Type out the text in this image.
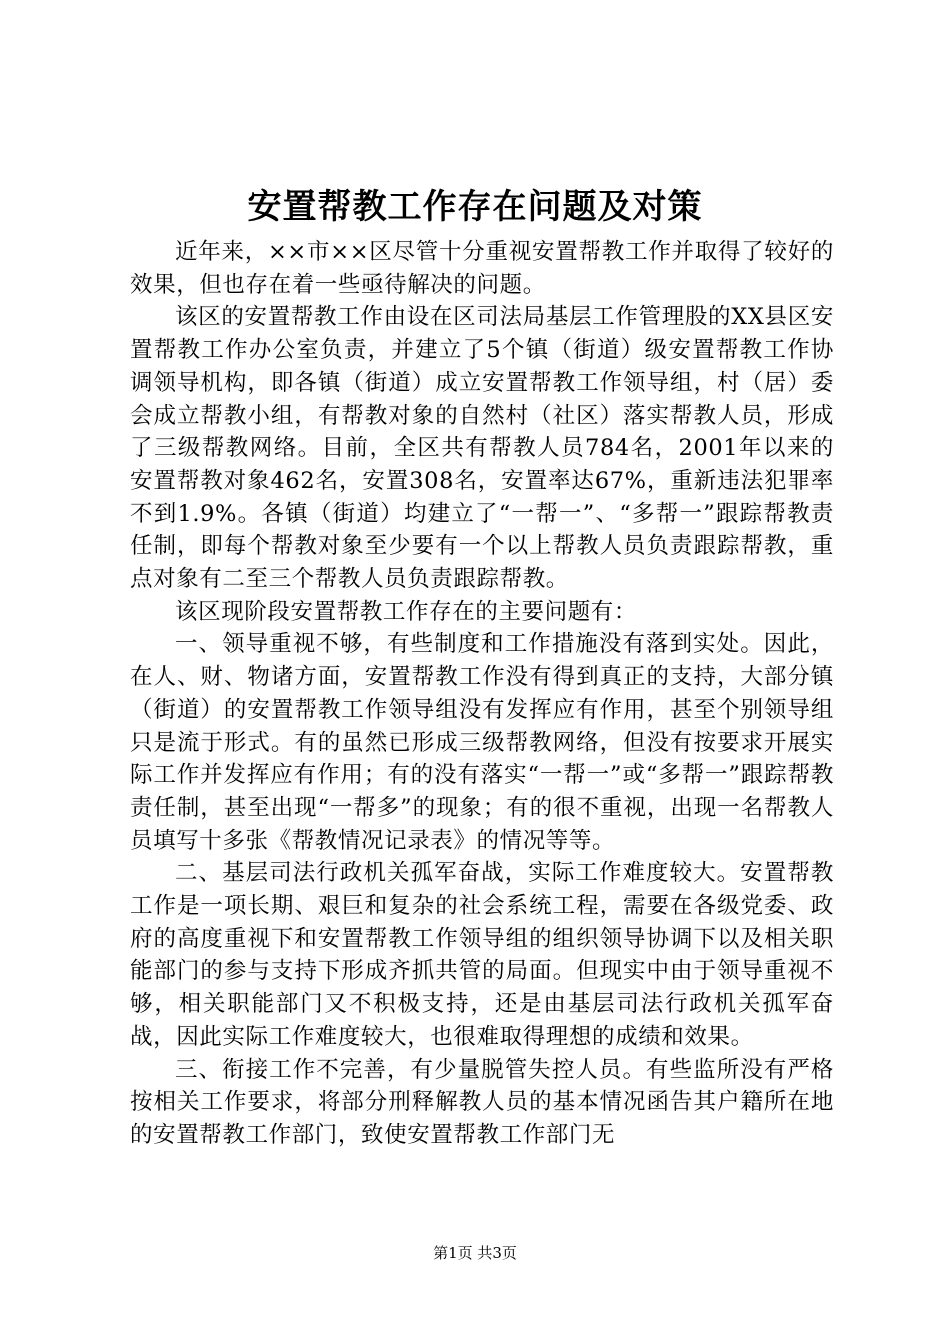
安置帮教工作存在问题及对策

近年来，××市××区尽管十分重视安置帮教工作并取得了较好的效果，但也存在着一些亟待解决的问题。

该区的安置帮教工作由设在区司法局基层工作管理股的XX县区安置帮教工作办公室负责，并建立了5个镇（街道）级安置帮教工作协调领导机构，即各镇（街道）成立安置帮教工作领导组，村（居）委会成立帮教小组，有帮教对象的自然村（社区）落实帮教人员，形成了三级帮教网络。目前，全区共有帮教人员784名，2001年以来的安置帮教对象462名，安置308名，安置率达67%，重新违法犯罪率不到1.9%。各镇（街道）均建立了“一帮一”、“多帮一”跟踪帮教责任制，即每个帮教对象至少要有一个以上帮教人员负责跟踪帮教，重点对象有二至三个帮教人员负责跟踪帮教。

该区现阶段安置帮教工作存在的主要问题有：

一、领导重视不够，有些制度和工作措施没有落到实处。因此，在人、财、物诸方面，安置帮教工作没有得到真正的支持，大部分镇（街道）的安置帮教工作领导组没有发挥应有作用，甚至个别领导组只是流于形式。有的虽然已形成三级帮教网络，但没有按要求开展实际工作并发挥应有作用；有的没有落实“一帮一”或“多帮一”跟踪帮教责任制，甚至出现“一帮多”的现象；有的很不重视，出现一名帮教人员填写十多张《帮教情况记录表》的情况等等。

二、基层司法行政机关孤军奋战，实际工作难度较大。安置帮教工作是一项长期、艰巨和复杂的社会系统工程，需要在各级党委、政府的高度重视下和安置帮教工作领导组的组织领导协调下以及相关职能部门的参与支持下形成齐抓共管的局面。但现实中由于领导重视不够，相关职能部门又不积极支持，还是由基层司法行政机关孤军奋战，因此实际工作难度较大，也很难取得理想的成绩和效果。

三、衔接工作不完善，有少量脱管失控人员。有些监所没有严格按相关工作要求，将部分刑释解教人员的基本情况函告其户籍所在地的安置帮教工作部门，致使安置帮教工作部门无

第1页 共3页
